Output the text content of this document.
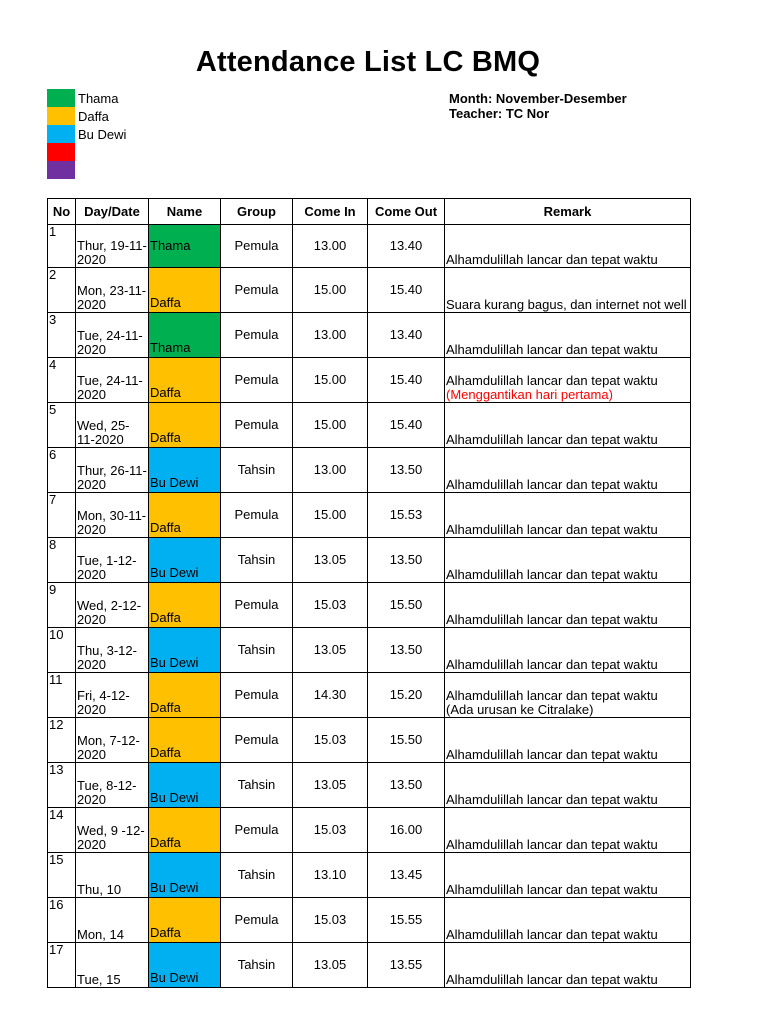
Attendance List LC BMQ
Thama
Daffa
Bu Dewi
Month: November-Desember
Teacher: TC Nor
No	Day/Date	Name	Group	Come In	Come Out	Remark
1	Thur, 19-11-2020	Thama	Pemula	13.00	13.40	Alhamdulillah lancar dan tepat waktu

2	Mon, 23-11-2020	Daffa	Pemula	15.00	15.40	Suara kurang bagus, dan internet not well

3	Tue, 24-11-2020	Thama	Pemula	13.00	13.40	Alhamdulillah lancar dan tepat waktu

4	Tue, 24-11-2020	Daffa	Pemula	15.00	15.40	Alhamdulillah lancar dan tepat waktu
(Menggantikan hari pertama)

5	Wed, 25-11-2020	Daffa	Pemula	15.00	15.40	Alhamdulillah lancar dan tepat waktu

6	Thur, 26-11-2020	Bu Dewi	Tahsin	13.00	13.50	Alhamdulillah lancar dan tepat waktu

7	Mon, 30-11-2020	Daffa	Pemula	15.00	15.53	Alhamdulillah lancar dan tepat waktu

8	Tue, 1-12-2020	Bu Dewi	Tahsin	13.05	13.50	Alhamdulillah lancar dan tepat waktu

9	Wed, 2-12-2020	Daffa	Pemula	15.03	15.50	Alhamdulillah lancar dan tepat waktu

10	Thu, 3-12-2020	Bu Dewi	Tahsin	13.05	13.50	Alhamdulillah lancar dan tepat waktu

11	Fri, 4-12-2020	Daffa	Pemula	14.30	15.20	Alhamdulillah lancar dan tepat waktu
(Ada urusan ke Citralake)

12	Mon, 7-12-2020	Daffa	Pemula	15.03	15.50	Alhamdulillah lancar dan tepat waktu

13	Tue, 8-12-2020	Bu Dewi	Tahsin	13.05	13.50	Alhamdulillah lancar dan tepat waktu

14	Wed, 9 -12-2020	Daffa	Pemula	15.03	16.00	Alhamdulillah lancar dan tepat waktu

15	Thu, 10	Bu Dewi	Tahsin	13.10	13.45	Alhamdulillah lancar dan tepat waktu

16	Mon, 14	Daffa	Pemula	15.03	15.55	Alhamdulillah lancar dan tepat waktu

17	Tue, 15	Bu Dewi	Tahsin	13.05	13.55	Alhamdulillah lancar dan tepat waktu
